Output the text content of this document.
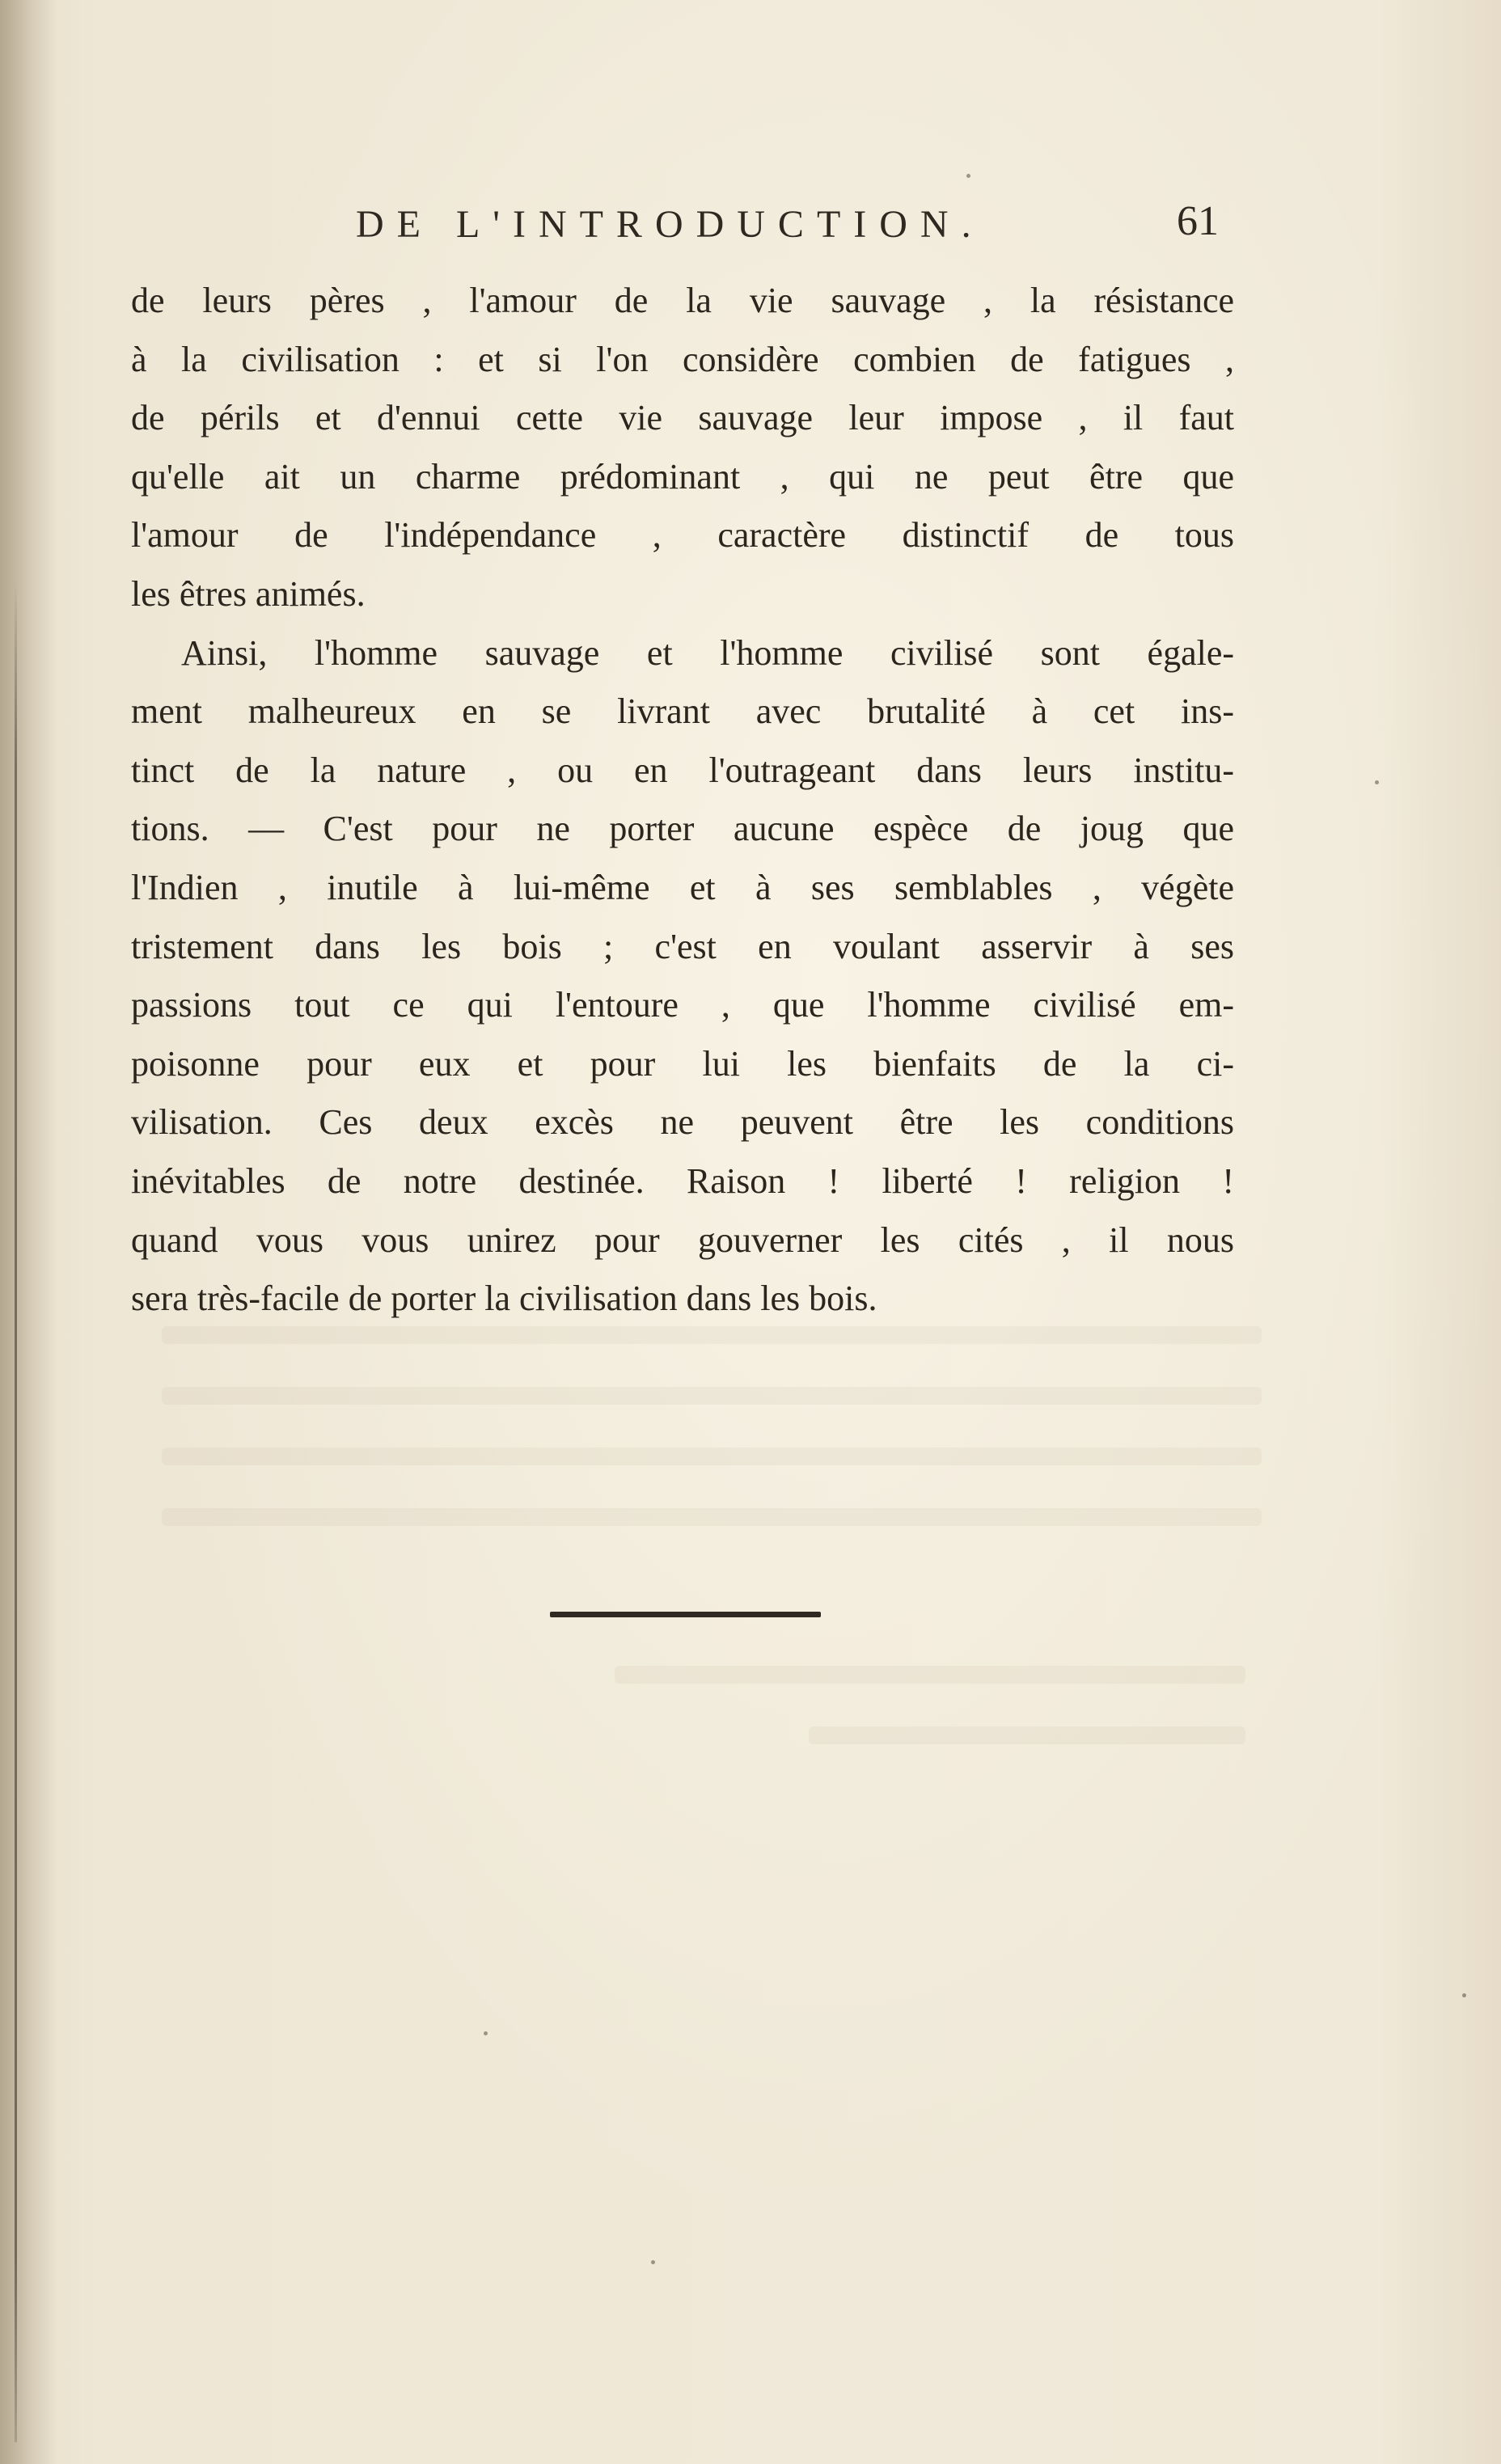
DE L'INTRODUCTION.	61
de leurs pères , l'amour de la vie sauvage , la résistance
à la civilisation : et si l'on considère combien de fatigues ,
de périls et d'ennui cette vie sauvage leur impose , il faut
qu'elle ait un charme prédominant , qui ne peut être que
l'amour de l'indépendance , caractère distinctif de tous
les êtres animés.
Ainsi, l'homme sauvage et l'homme civilisé sont égale-
ment malheureux en se livrant avec brutalité à cet ins-
tinct de la nature , ou en l'outrageant dans leurs institu-
tions. — C'est pour ne porter aucune espèce de joug que
l'Indien , inutile à lui-même et à ses semblables , végète
tristement dans les bois ; c'est en voulant asservir à ses
passions tout ce qui l'entoure , que l'homme civilisé em-
poisonne pour eux et pour lui les bienfaits de la ci-
vilisation. Ces deux excès ne peuvent être les conditions
inévitables de notre destinée. Raison ! liberté ! religion !
quand vous vous unirez pour gouverner les cités , il nous
sera très-facile de porter la civilisation dans les bois.
